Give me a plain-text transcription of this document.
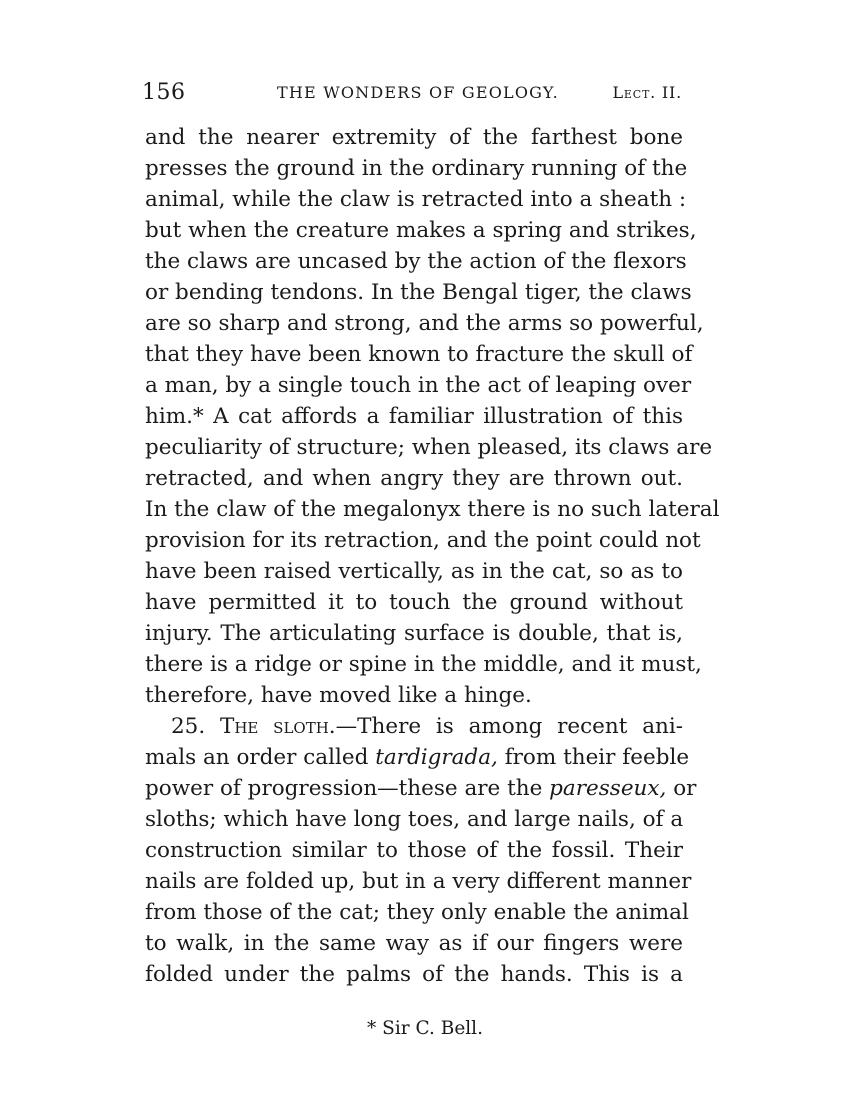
156	THE WONDERS OF GEOLOGY.	Lect. II.
and the nearer extremity of the farthest bone
presses the ground in the ordinary running of the
animal, while the claw is retracted into a sheath :
but when the creature makes a spring and strikes,
the claws are uncased by the action of the flexors
or bending tendons. In the Bengal tiger, the claws
are so sharp and strong, and the arms so powerful,
that they have been known to fracture the skull of
a man, by a single touch in the act of leaping over
him.* A cat affords a familiar illustration of this
peculiarity of structure; when pleased, its claws are
retracted, and when angry they are thrown out.
In the claw of the megalonyx there is no such lateral
provision for its retraction, and the point could not
have been raised vertically, as in the cat, so as to
have permitted it to touch the ground without
injury. The articulating surface is double, that is,
there is a ridge or spine in the middle, and it must,
therefore, have moved like a hinge.
25. The sloth.—There is among recent ani-
mals an order called tardigrada, from their feeble
power of progression—these are the paresseux, or
sloths; which have long toes, and large nails, of a
construction similar to those of the fossil. Their
nails are folded up, but in a very different manner
from those of the cat; they only enable the animal
to walk, in the same way as if our fingers were
folded under the palms of the hands. This is a
* Sir C. Bell.
